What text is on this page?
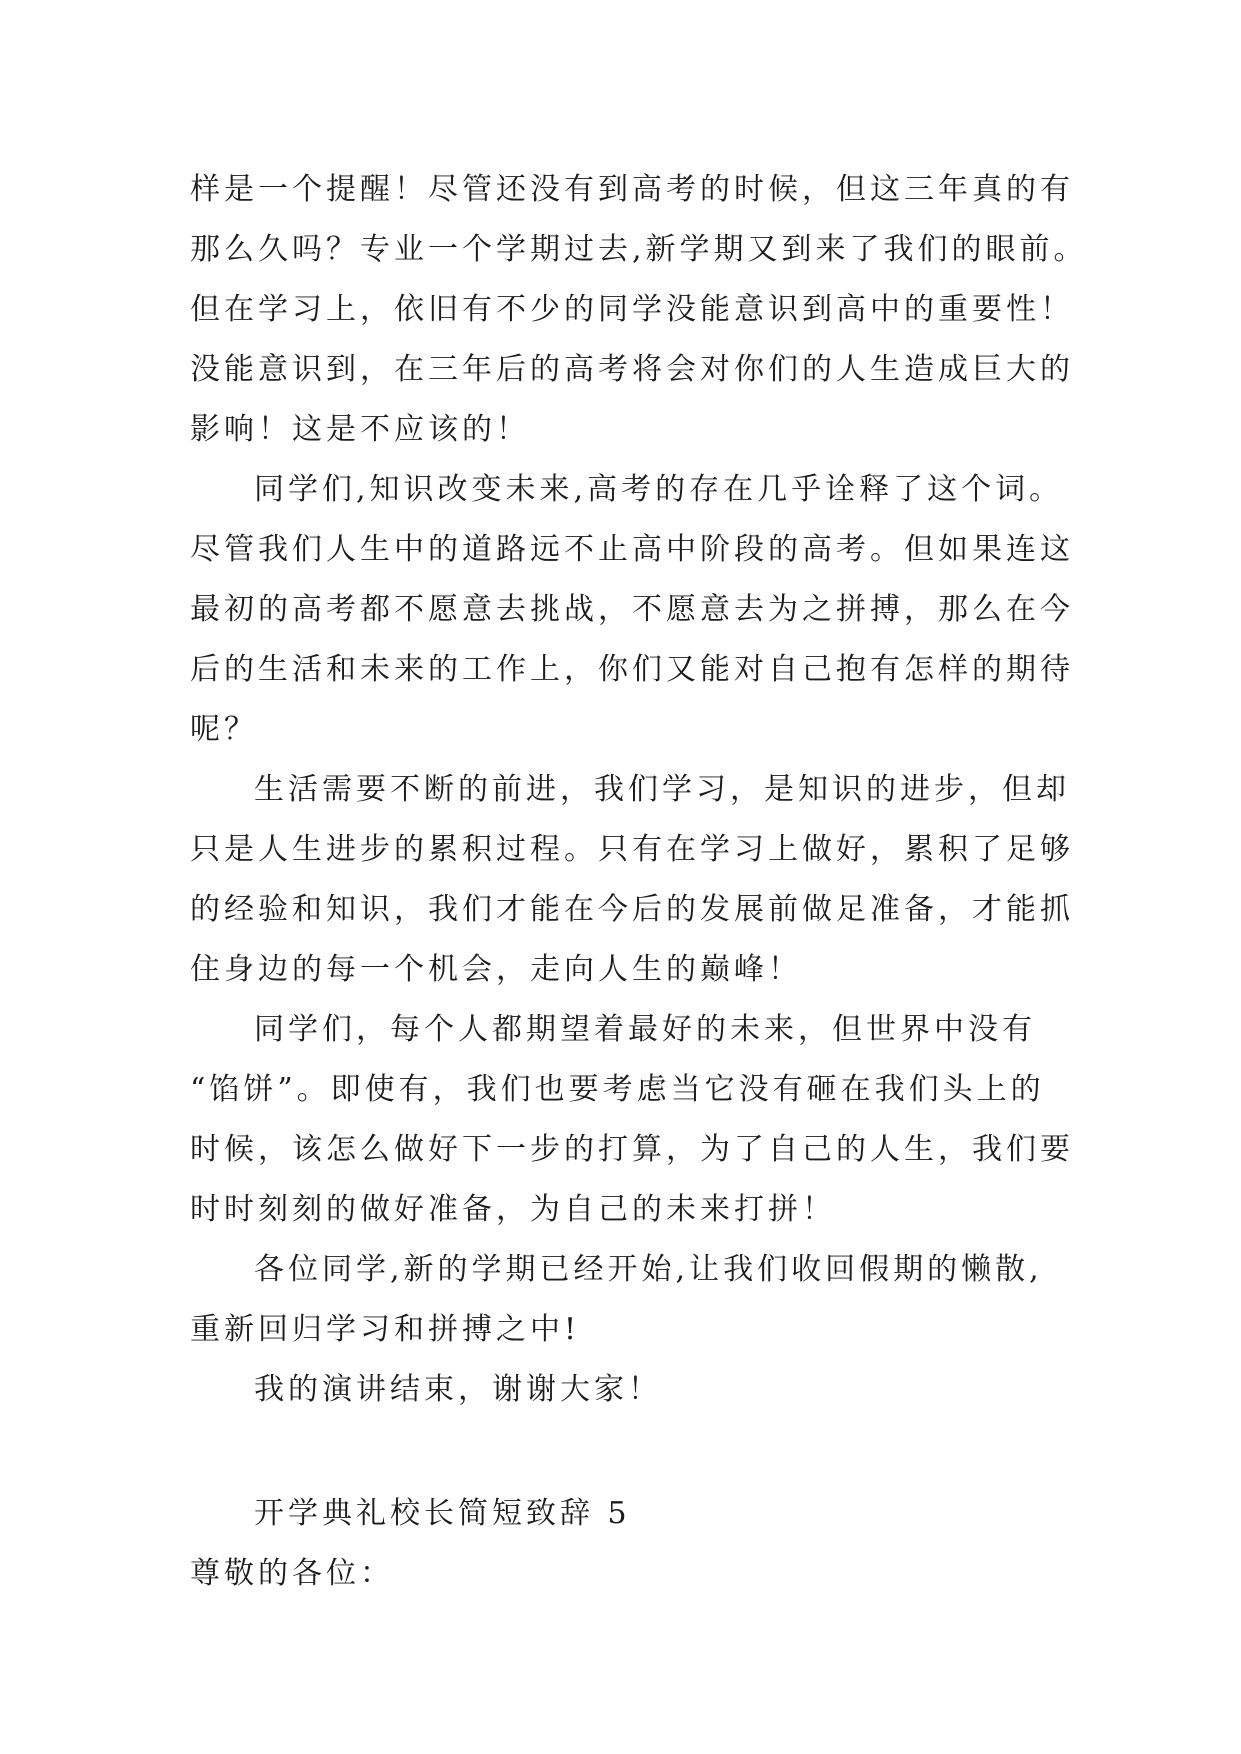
样是一个提醒！尽管还没有到高考的时候，但这三年真的有
那么久吗？专业一个学期过去,新学期又到来了我们的眼前。
但在学习上，依旧有不少的同学没能意识到高中的重要性！
没能意识到，在三年后的高考将会对你们的人生造成巨大的
影响！这是不应该的！
同学们,知识改变未来,高考的存在几乎诠释了这个词。
尽管我们人生中的道路远不止高中阶段的高考。但如果连这
最初的高考都不愿意去挑战，不愿意去为之拼搏，那么在今
后的生活和未来的工作上，你们又能对自己抱有怎样的期待
呢？
生活需要不断的前进，我们学习，是知识的进步，但却
只是人生进步的累积过程。只有在学习上做好，累积了足够
的经验和知识，我们才能在今后的发展前做足准备，才能抓
住身边的每一个机会，走向人生的巅峰！
同学们，每个人都期望着最好的未来，但世界中没有
“馅饼”。即使有，我们也要考虑当它没有砸在我们头上的
时候，该怎么做好下一步的打算，为了自己的人生，我们要
时时刻刻的做好准备，为自己的未来打拼！
各位同学,新的学期已经开始,让我们收回假期的懒散,
重新回归学习和拼搏之中!
我的演讲结束，谢谢大家！
开学典礼校长简短致辞 5
尊敬的各位：
